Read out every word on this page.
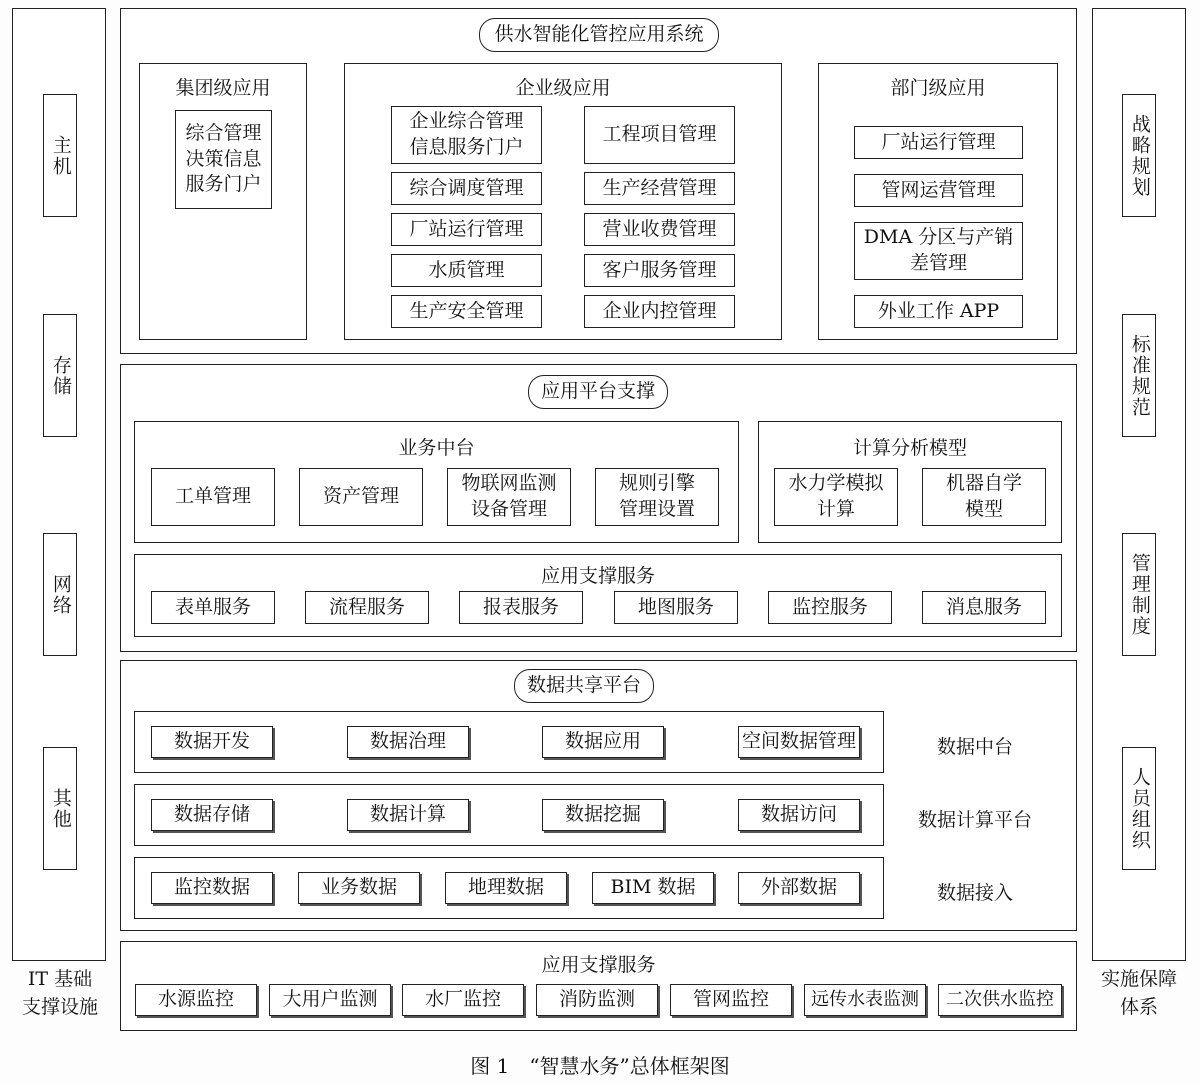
主机
存储
网络
其他
IT 基础
支撑设施
战略规划
标准规范
管理制度
人员组织
实施保障
体系
供水智能化管控应用系统
集团级应用
综合管理
决策信息
服务门户
企业级应用
企业综合管理
信息服务门户
综合调度管理
厂站运行管理
水质管理
生产安全管理
工程项目管理
生产经营管理
营业收费管理
客户服务管理
企业内控管理
部门级应用
厂站运行管理
管网运营管理
DMA 分区与产销
差管理
外业工作 APP
应用平台支撑
业务中台
工单管理	资产管理
物联网监测
设备管理
规则引擎
管理设置
计算分析模型
水力学模拟
计算
机器自学
模型
应用支撑服务
表单服务	流程服务	报表服务	地图服务	监控服务	消息服务
数据共享平台
数据开发	数据治理	数据应用	空间数据管理	数据中台
数据存储	数据计算	数据挖掘	数据访问	数据计算平台
监控数据	业务数据	地理数据	BIM 数据	外部数据	数据接入
应用支撑服务
水源监控	大用户监测	水厂监控	消防监测	管网监控	远传水表监测	二次供水监控
图 1　“智慧水务”总体框架图
